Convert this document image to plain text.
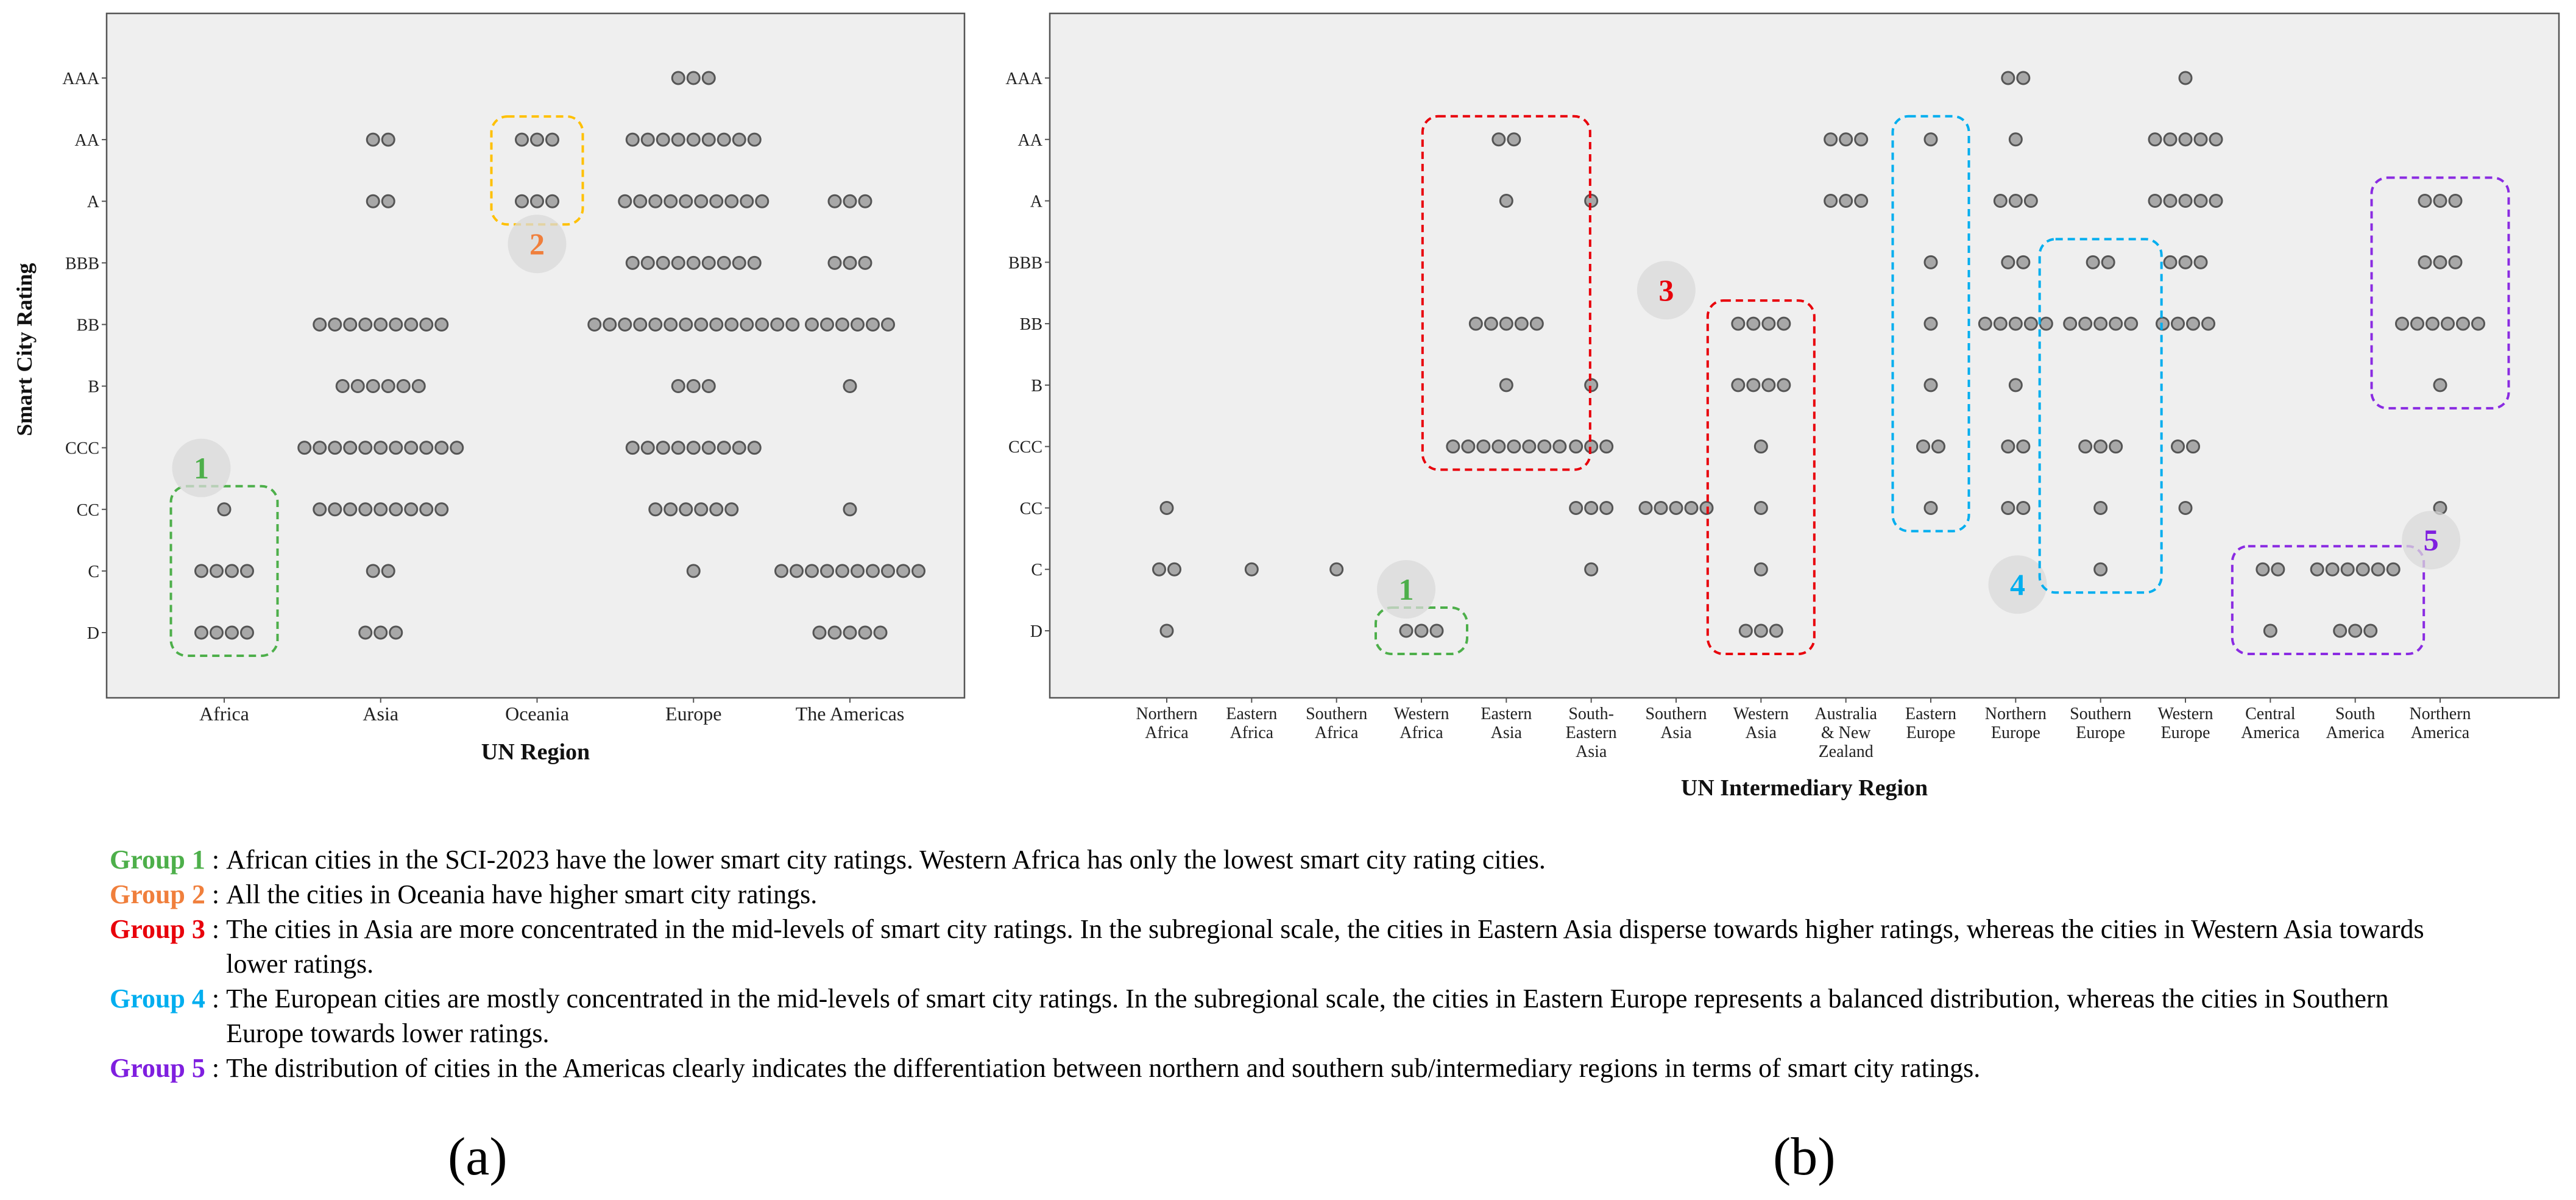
D
C
CC
CCC
B
BB
BBB
A
AA
AAA
Africa	Asia	Oceania	Europe	The Americas
UN Region
Smart City Rating
1
2
D
C
CC
CCC
B
BB
BBB
A
AA
AAA
Northern Africa
Eastern Africa
Southern Africa
Western Africa
Eastern Asia
South-Eastern Asia
Southern Asia
Western Asia
Australia & New Zealand
Eastern Europe
Northern Europe
Southern Europe
Western Europe
Central America
South America
Northern America
UN Intermediary Region
1
3
4
5
Group 1 : African cities in the SCI-2023 have the lower smart city ratings. Western Africa has only the lowest smart city rating cities.
Group 2 : All the cities in Oceania have higher smart city ratings.
Group 3 : The cities in Asia are more concentrated in the mid-levels of smart city ratings. In the subregional scale, the cities in Eastern Asia disperse towards higher ratings, whereas the cities in Western Asia towards lower ratings.
Group 4 : The European cities are mostly concentrated in the mid-levels of smart city ratings. In the subregional scale, the cities in Eastern Europe represents a balanced distribution, whereas the cities in Southern Europe towards lower ratings.
Group 5 : The distribution of cities in the Americas clearly indicates the differentiation between northern and southern sub/intermediary regions in terms of smart city ratings.
(a)	(b)
